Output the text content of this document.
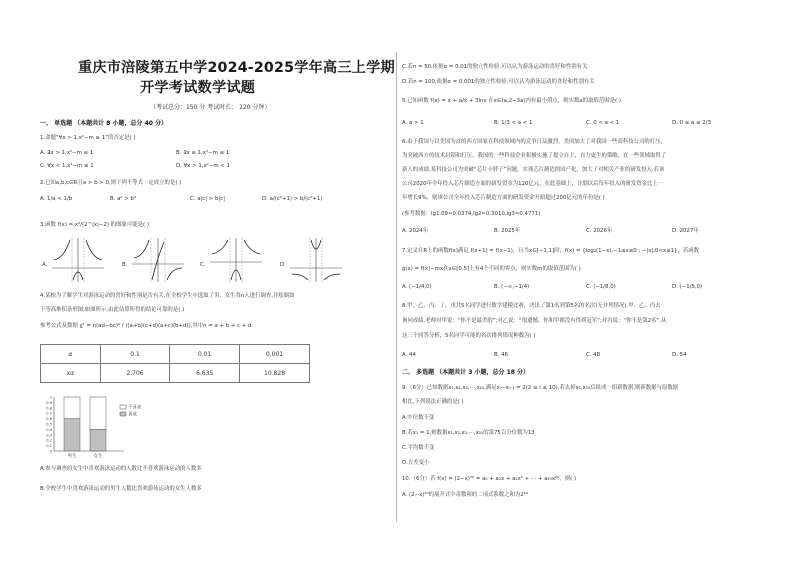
重庆市涪陵第五中学2024-2025学年高三上学期
开学考试数学试题
（考试总分：150 分 考试时长： 120 分钟）
一、 单选题 （本题共计 8 小题，总分 40 分）
1.命题“∀x > 1,x²−m ≥ 1”的否定是( )
A. ∃x > 1,x²−m ≤ 1	B. ∃x ≤ 1,x²−m ≤ 1
C. ∀x < 1,x²−m ≤ 1	D. ∀x > 1,x²−m < 1
2.已知a,b,c∈R且a > b > 0,则下列不等式一定成立的是( )
A. 1/a < 1/b	B. a² > b²	C. a|c| > b|c|	D. a/(c²+1) > b/(c²+1)
3.函数 f(x) = x²/(2^|x|−2) 的图象可能是( )
A.	B.	C.	D.
4.某校为了解学生对游泳运动的喜好和性别是否有关,在全校学生中选取了男、女生各n人进行调查,并绘制如
下等高堆积条形图,如图所示,由此估算所得的结论可靠的是( )
参考公式及数据 χ² = n(ad−bc)² / ((a+b)(c+d)(a+c)(b+d)),其中n = a + b + c + d
α	0.1	0.01	0.001
xα	2.706	6.635	10.828
1
0.9
0.8
0.7
0.6
0.5
0.4
0.3
0.2
0.1
0
男生	女生
不喜欢
喜欢
A.参与调查的女生中喜欢游泳运动的人数比不喜欢游泳运动的人数多
B.全校学生中喜欢游泳运动的男生人数比喜欢游泳运动的女生人数多
C.若n = 50,依据α = 0.01的独立性检验,可以认为游泳运动的喜好和性别有关
D.若n = 100,依据α = 0.001的独立性检验,可以认为游泳运动的喜好和性别有关
5.已知函数 f(x) = x + a/x + 3lnx 在x∈(a,2−3a)内有最小值点，则实数a的取值范围是( )
A. a > 1	B. 1/3 < a < 1	C. 0 < a < 1	D. 0 ≤ a ≤ 2/3
6.由于我国与以美国为首的西方国家在科技领域内的竞争日益激烈，美国加大了对我国一些高科技公司的打压，
为突破西方的技术封锁和打压，我国的一些科技企业积极实施了提立自主，自力更生的策略，在一些领域取得了
新人的成绩.某科技公司为突破“芯片卡脖子”问题，实现芯片制造的国产化，加大了对相关产业的研发投入.若该
公司2020年全年投入芯片制造方面的研发资金为120亿元，在此基础上，计划以后每年投入的研发资金比上一
年增长9%，则该公司全年投入芯片制造方面的研发资金开始超过200亿元的年份是( )
(参考数据：lg1.09≈0.0374,lg2≈0.3010,lg3≈0.4771)
A. 2024年	B. 2025年	C. 2026年	D. 2027年
7.定义在R上的函数f(x)满足 f(x+1) = f(x−1)，且当x∈[−1,1]时，f(x) = {log₂(1−x),−1≤x≤0 ; −|x|,0<x≤1}，若函数
g(x) = f(x)−mx在x∈[0,5]上有4个不同的零点，则实数m的取值范围为( )
A. (−1/4,0)	B. (−∞,−1/4)	C. (−1/8,0)	D. (−1/5,0)
8.甲、乙、丙、丁、戊共5名同学进行数学建模比赛，决出了第1名到第5名的名次(无并列情况).甲、乙、丙去
询问成绩,老师对甲说：“你不是最差的”;对乙说：“很遗憾，你和甲都没有得到冠军”;对丙说：“你不是第2名”.从
这三个回答分析，5名同学可能的名次排列情况种数为( )
A. 44	B. 46	C. 48	D. 54
二、 多选题 （本题共计 3 小题，总分 18 分）
9.（6分）已知数据x₁,x₂,x₃,⋯,x₁₀,满足xᵢ−xᵢ₋₁ = 2(2 ≤ i ≤ 10),若去掉x₁,x₁₀后组成一组新数据,则新数据与原数据
相比,下列说法正确的是( )
A.中位数不变
B.若x₁ = 1,则数据x₁,x₂,x₃,⋯,x₁₀的第75百分位数为13
C.平均数不变
D.方差变小
10.（6分）若 f(x) = (2−x)²⁰ = a₀ + a₁x + a₂x² + ⋯ + a₂₀x²⁰，则( )
A. (2−x)²⁰的展开式中奇数项的二项式系数之和为2¹⁹
